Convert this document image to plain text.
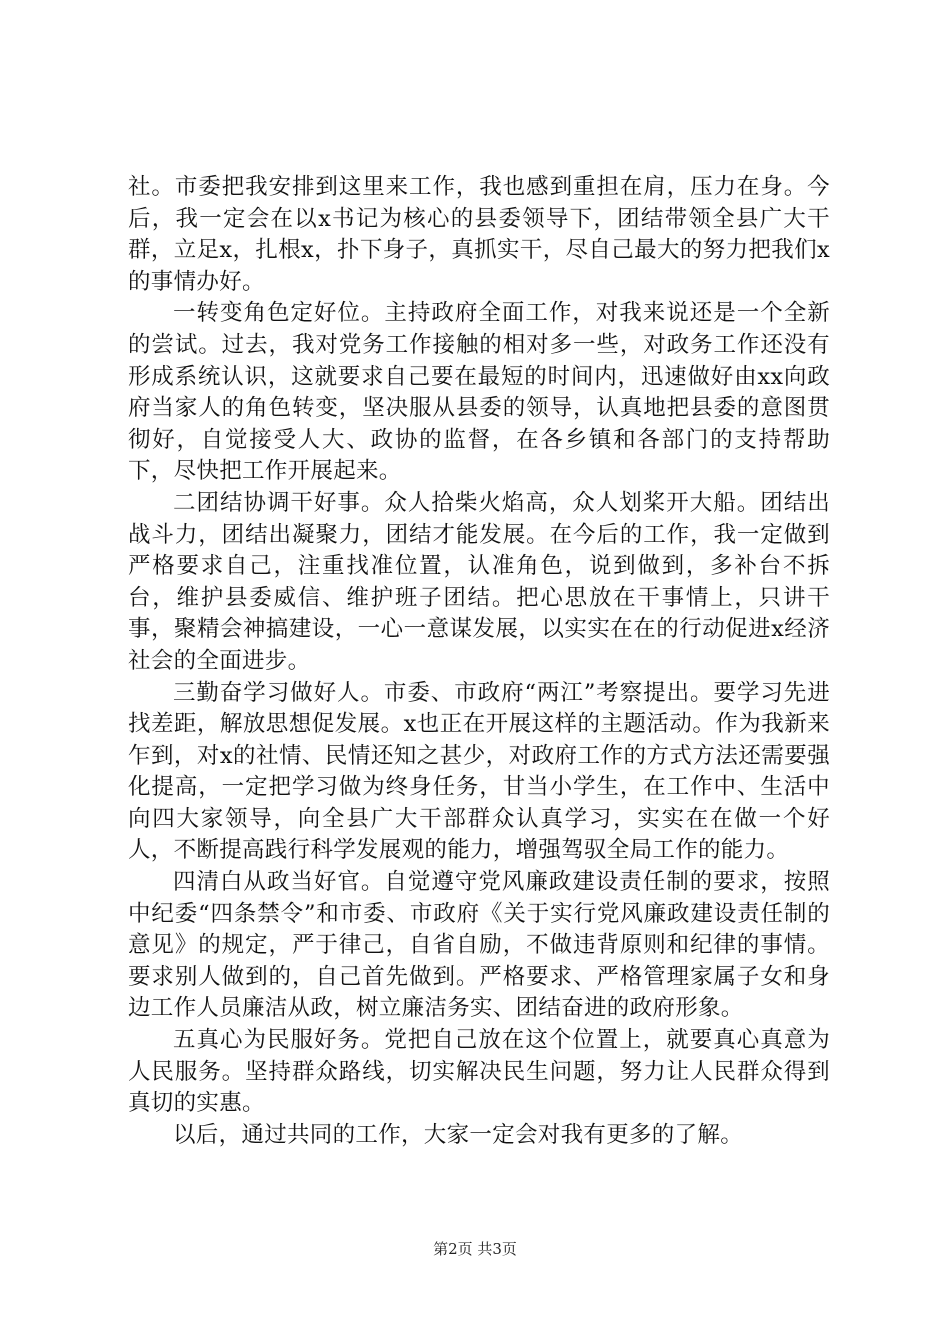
社。市委把我安排到这里来工作，我也感到重担在肩，压力在身。今后，我一定会在以x书记为核心的县委领导下，团结带领全县广大干群，立足x，扎根x，扑下身子，真抓实干，尽自己最大的努力把我们x的事情办好。

一转变角色定好位。主持政府全面工作，对我来说还是一个全新的尝试。过去，我对党务工作接触的相对多一些，对政务工作还没有形成系统认识，这就要求自己要在最短的时间内，迅速做好由xx向政府当家人的角色转变，坚决服从县委的领导，认真地把县委的意图贯彻好，自觉接受人大、政协的监督，在各乡镇和各部门的支持帮助下，尽快把工作开展起来。

二团结协调干好事。众人拾柴火焰高，众人划桨开大船。团结出战斗力，团结出凝聚力，团结才能发展。在今后的工作，我一定做到严格要求自己，注重找准位置，认准角色，说到做到，多补台不拆台，维护县委威信、维护班子团结。把心思放在干事情上，只讲干事，聚精会神搞建设，一心一意谋发展，以实实在在的行动促进x经济社会的全面进步。

三勤奋学习做好人。市委、市政府“两江”考察提出。要学习先进找差距，解放思想促发展。x也正在开展这样的主题活动。作为我新来乍到，对x的社情、民情还知之甚少，对政府工作的方式方法还需要强化提高，一定把学习做为终身任务，甘当小学生，在工作中、生活中向四大家领导，向全县广大干部群众认真学习，实实在在做一个好人，不断提高践行科学发展观的能力，增强驾驭全局工作的能力。

四清白从政当好官。自觉遵守党风廉政建设责任制的要求，按照中纪委“四条禁令”和市委、市政府《关于实行党风廉政建设责任制的意见》的规定，严于律己，自省自励，不做违背原则和纪律的事情。要求别人做到的，自己首先做到。严格要求、严格管理家属子女和身边工作人员廉洁从政，树立廉洁务实、团结奋进的政府形象。

五真心为民服好务。党把自己放在这个位置上，就要真心真意为人民服务。坚持群众路线，切实解决民生问题，努力让人民群众得到真切的实惠。

以后，通过共同的工作，大家一定会对我有更多的了解。

第2页 共3页
